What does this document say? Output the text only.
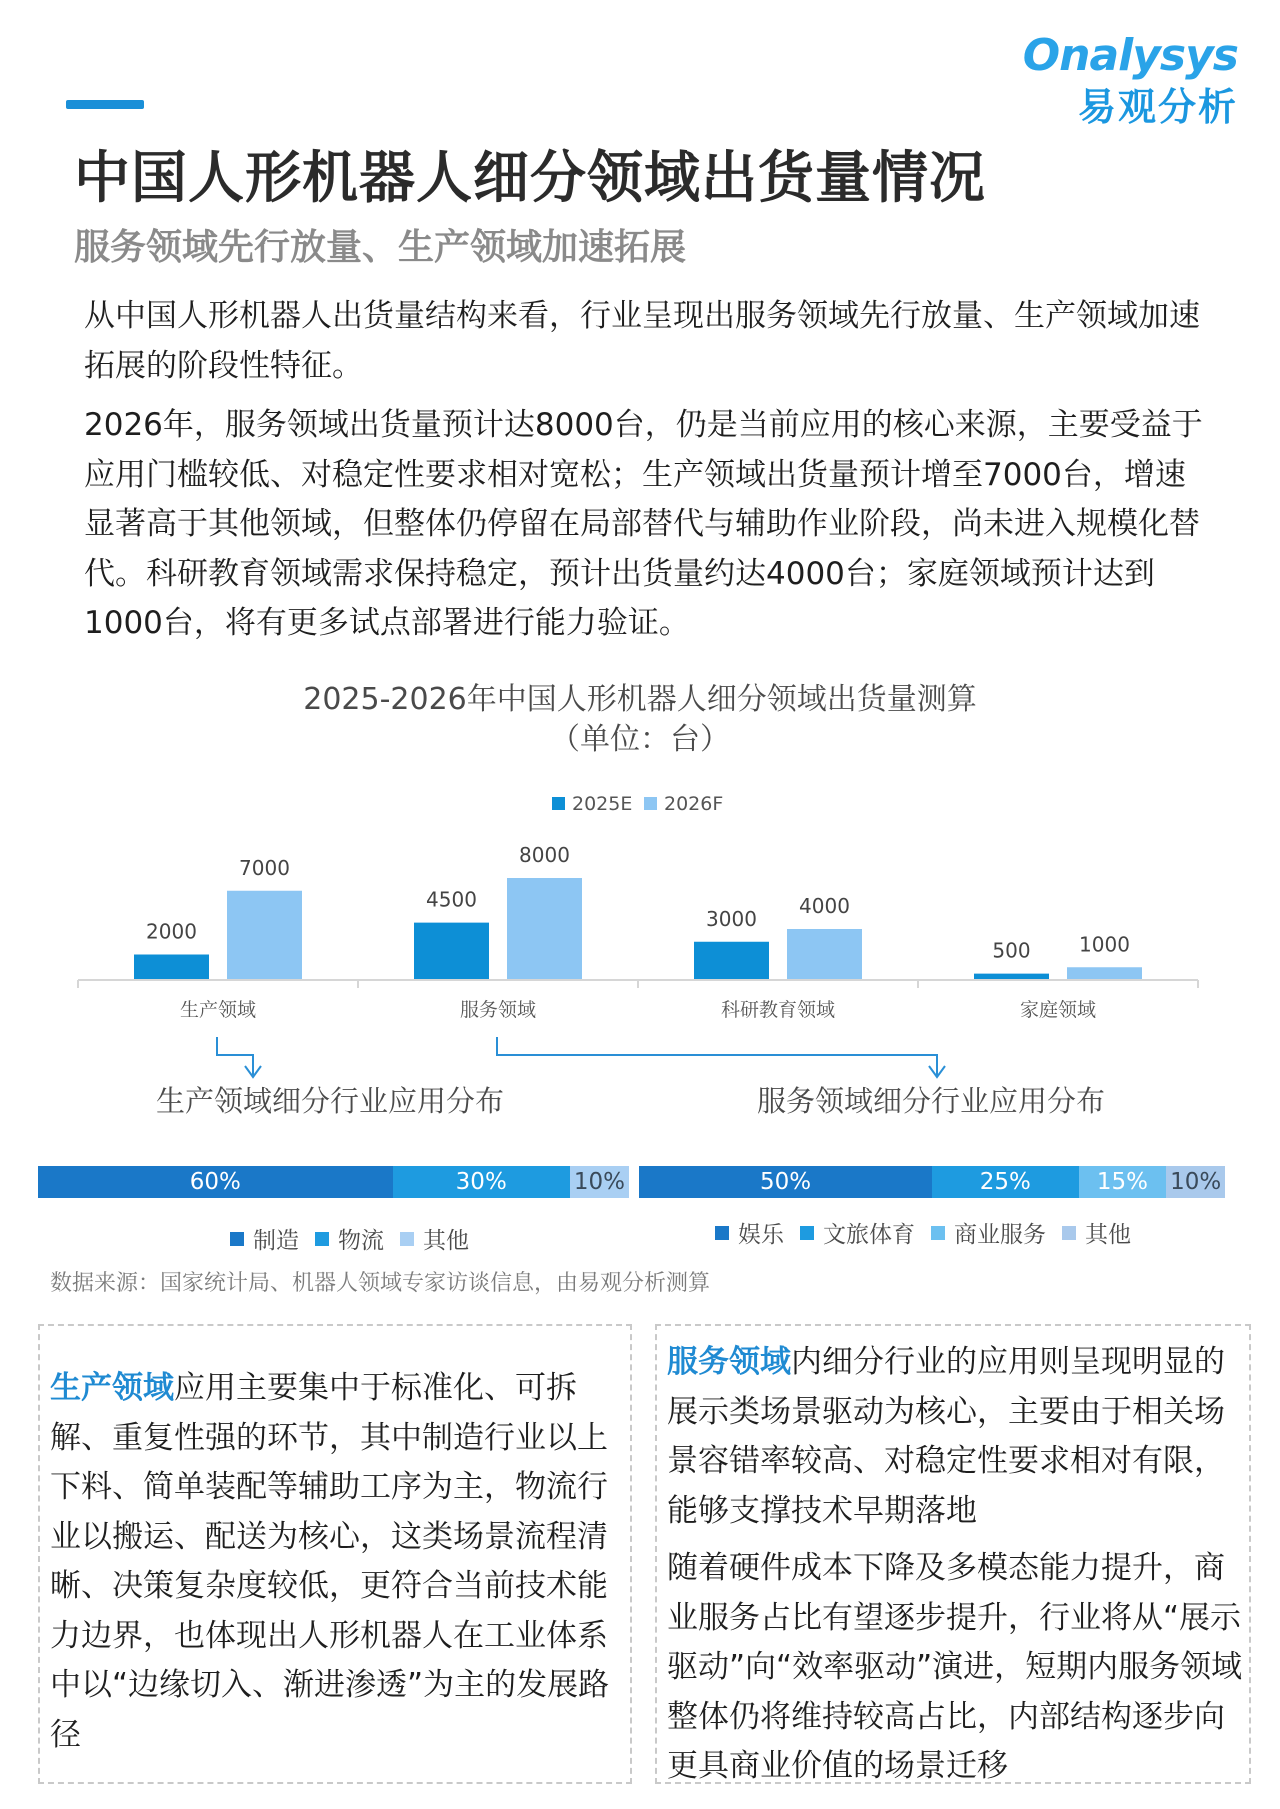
Onalysys
易观分析
中国人形机器人细分领域出货量情况
服务领域先行放量、生产领域加速拓展

从中国人形机器人出货量结构来看，行业呈现出服务领域先行放量、生产领域加速拓展的阶段性特征。

2026年，服务领域出货量预计达8000台，仍是当前应用的核心来源，主要受益于应用门槛较低、对稳定性要求相对宽松；生产领域出货量预计增至7000台，增速显著高于其他领域，但整体仍停留在局部替代与辅助作业阶段，尚未进入规模化替代。科研教育领域需求保持稳定，预计出货量约达4000台；家庭领域预计达到1000台，将有更多试点部署进行能力验证。

2025-2026年中国人形机器人细分领域出货量测算
（单位：台）
2025E 2026F
2000
7000
4500
8000
3000
4000
500 1000
生产领域	服务领域	科研教育领域	家庭领域
生产领域细分行业应用分布	服务领域细分行业应用分布
60%	30%	10%	50%	25%	15% 10%
制造 物流 其他	娱乐 文旅体育 商业服务 其他
数据来源：国家统计局、机器人领域专家访谈信息，由易观分析测算
生产领域应用主要集中于标准化、可拆解、重复性强的环节，其中制造行业以上下料、简单装配等辅助工序为主，物流行业以搬运、配送为核心，这类场景流程清晰、决策复杂度较低，更符合当前技术能力边界，也体现出人形机器人在工业体系中以“边缘切入、渐进渗透”为主的发展路径

服务领域内细分行业的应用则呈现明显的展示类场景驱动为核心，主要由于相关场景容错率较高、对稳定性要求相对有限，能够支撑技术早期落地

随着硬件成本下降及多模态能力提升，商业服务占比有望逐步提升，行业将从“展示驱动”向“效率驱动”演进，短期内服务领域整体仍将维持较高占比，内部结构逐步向更具商业价值的场景迁移
